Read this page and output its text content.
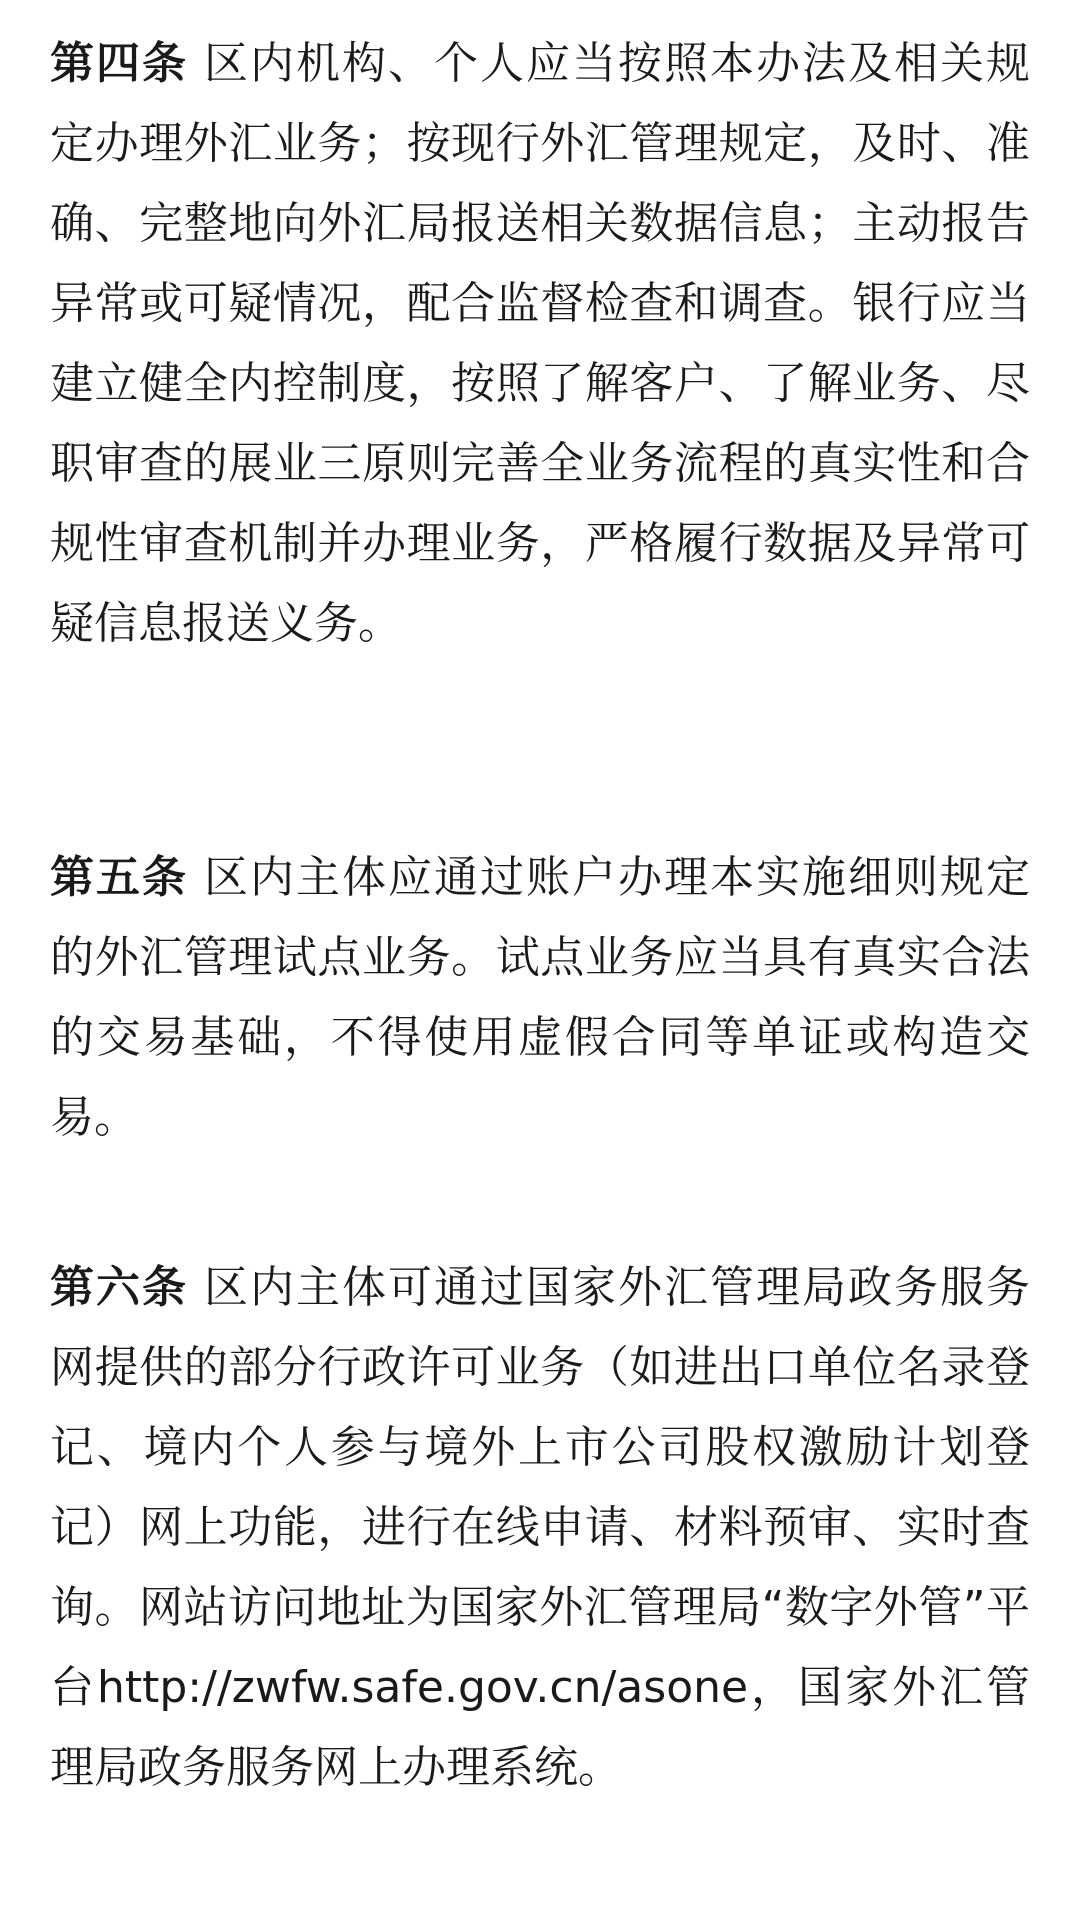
第四条 区内机构、个人应当按照本办法及相关规定办理外汇业务；按现行外汇管理规定，及时、准确、完整地向外汇局报送相关数据信息；主动报告异常或可疑情况，配合监督检查和调查。银行应当建立健全内控制度，按照了解客户、了解业务、尽职审查的展业三原则完善全业务流程的真实性和合规性审查机制并办理业务，严格履行数据及异常可疑信息报送义务。

第五条 区内主体应通过账户办理本实施细则规定的外汇管理试点业务。试点业务应当具有真实合法的交易基础，不得使用虚假合同等单证或构造交易。

第六条 区内主体可通过国家外汇管理局政务服务网提供的部分行政许可业务（如进出口单位名录登记、境内个人参与境外上市公司股权激励计划登记）网上功能，进行在线申请、材料预审、实时查询。网站访问地址为国家外汇管理局“数字外管”平台http://zwfw.safe.gov.cn/asone，国家外汇管理局政务服务网上办理系统。
